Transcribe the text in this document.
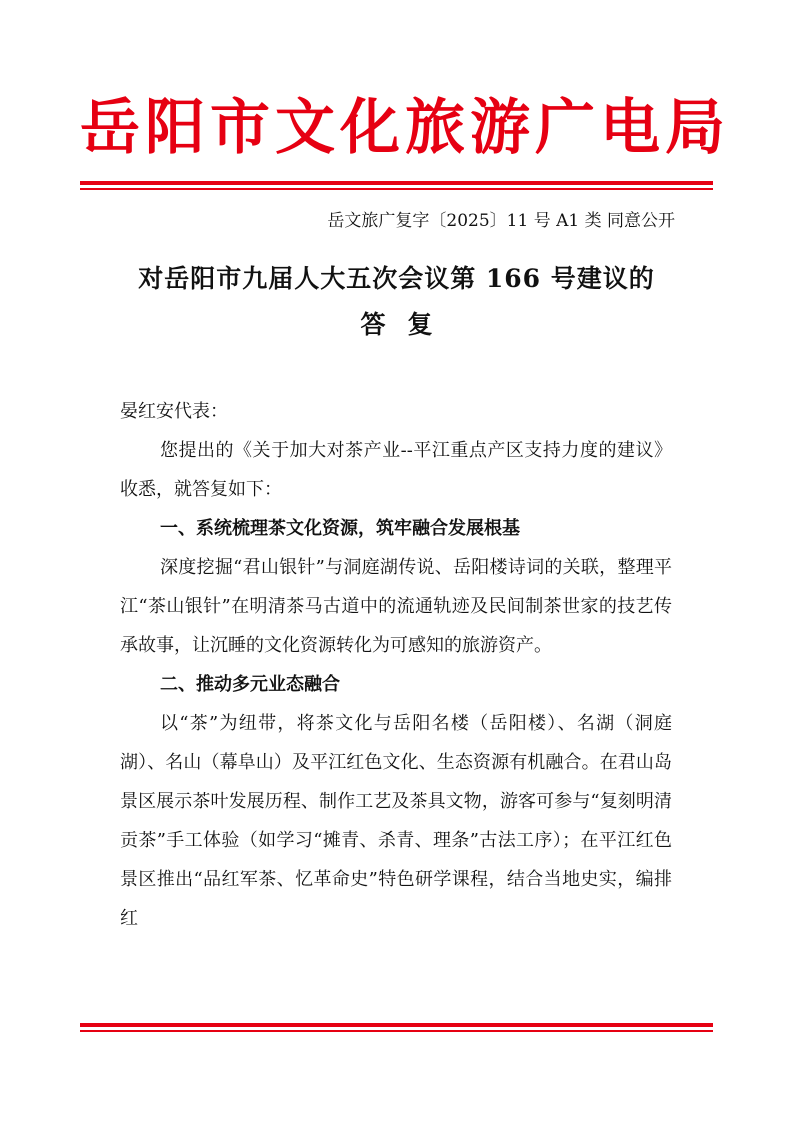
岳阳市文化旅游广电局
岳文旅广复字〔2025〕11 号 A1 类 同意公开
对岳阳市九届人大五次会议第 166 号建议的
答复

晏红安代表：

您提出的《关于加大对茶产业--平江重点产区支持力度的建议》收悉，就答复如下：

一、系统梳理茶文化资源，筑牢融合发展根基

深度挖掘“君山银针”与洞庭湖传说、岳阳楼诗词的关联，整理平江“茶山银针”在明清茶马古道中的流通轨迹及民间制茶世家的技艺传承故事，让沉睡的文化资源转化为可感知的旅游资产。

二、推动多元业态融合

以“茶”为纽带，将茶文化与岳阳名楼（岳阳楼）、名湖（洞庭湖）、名山（幕阜山）及平江红色文化、生态资源有机融合。在君山岛景区展示茶叶发展历程、制作工艺及茶具文物，游客可参与“复刻明清贡茶”手工体验（如学习“摊青、杀青、理条”古法工序）；在平江红色景区推出“品红军茶、忆革命史”特色研学课程，结合当地史实，编排红
